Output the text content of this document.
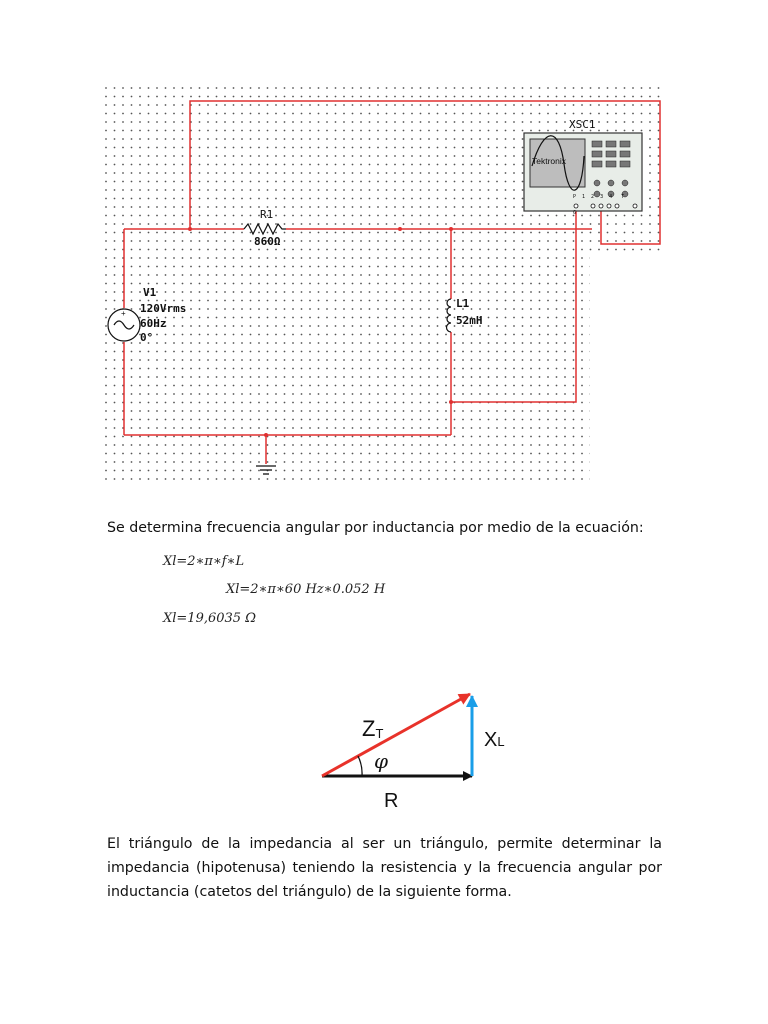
R1
860Ω
+
V1
120Vrms
60Hz
0°
L1
52mH
XSC1
Tektronix
P  1  2  3  4   T
G
Se determina frecuencia angular por inductancia por medio de la ecuación:
Xl=2∗π∗f∗L
Xl=2∗π∗60 Hz∗0.052 H
Xl=19,6035 Ω
ZT	XL
φ
R
El triángulo de la impedancia al ser un triángulo, permite determinar la impedancia (hipotenusa) teniendo la resistencia y la frecuencia angular por inductancia (catetos del triángulo) de la siguiente forma.
